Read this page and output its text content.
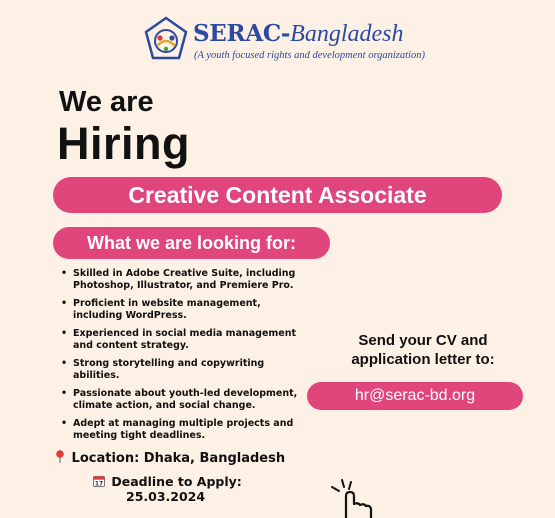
SERAC-Bangladesh
(A youth focused rights and development organization)
We are
Hiring
Creative Content Associate
What we are looking for:
• Skilled in Adobe Creative Suite, including Photoshop, Illustrator, and Premiere Pro.
• Proficient in website management, including WordPress.
• Experienced in social media management and content strategy.
• Strong storytelling and copywriting abilities.
• Passionate about youth-led development, climate action, and social change.
• Adept at managing multiple projects and meeting tight deadlines.
Send your CV and
application letter to:
hr@serac-bd.org
Location: Dhaka, Bangladesh
17 Deadline to Apply:
25.03.2024
